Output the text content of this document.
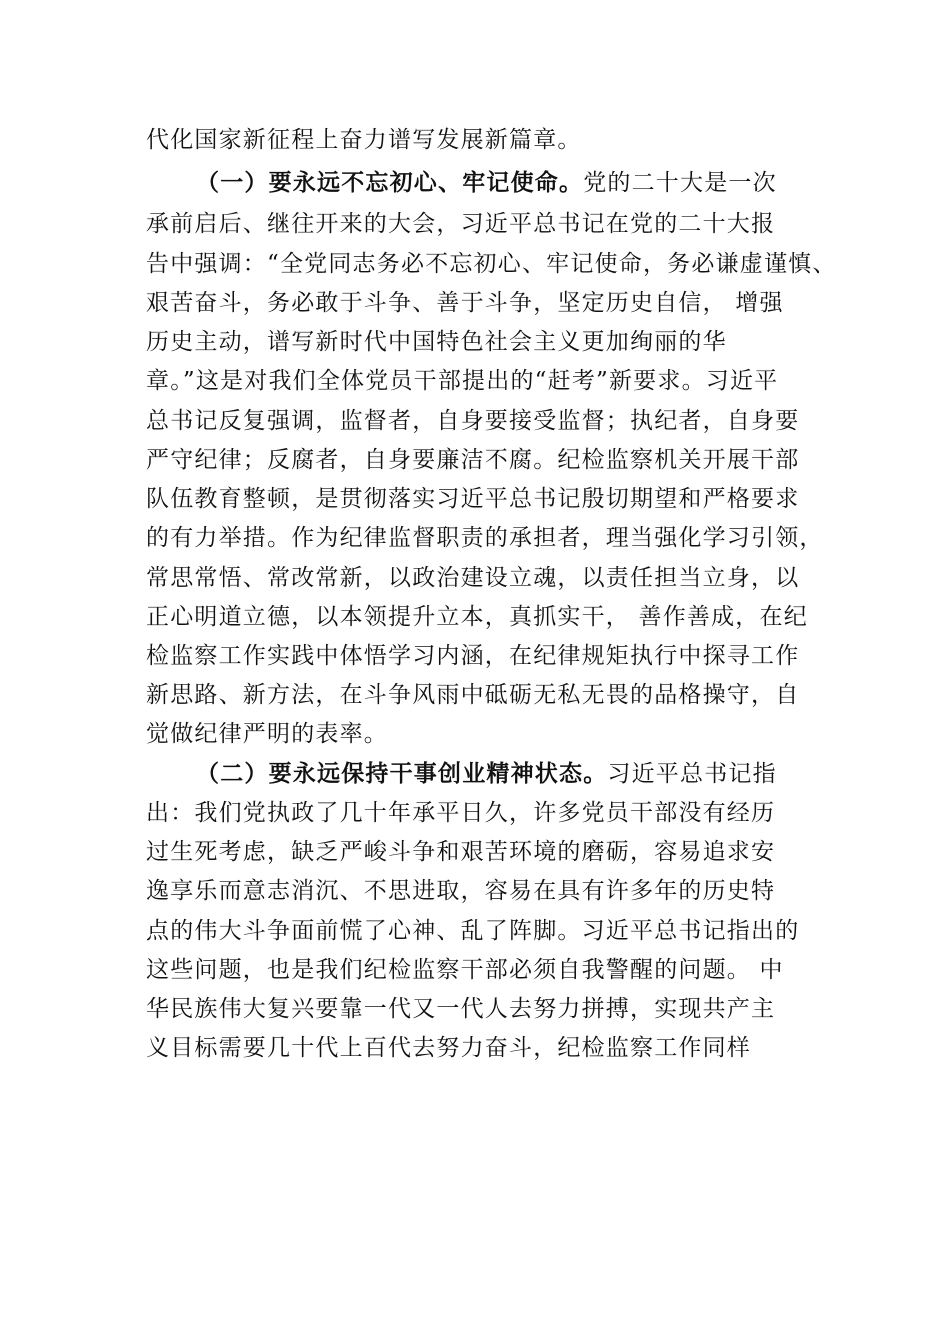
代化国家新征程上奋力谱写发展新篇章。
（一）要永远不忘初心、牢记使命。党的二十大是一次
承前启后、继往开来的大会，习近平总书记在党的二十大报
告中强调：“全党同志务必不忘初心、牢记使命，务必谦虚谨慎、
艰苦奋斗，务必敢于斗争、善于斗争，坚定历史自信， 增强
历史主动，谱写新时代中国特色社会主义更加绚丽的华
章。”这是对我们全体党员干部提出的“赶考”新要求。习近平
总书记反复强调，监督者，自身要接受监督；执纪者，自身要
严守纪律；反腐者，自身要廉洁不腐。纪检监察机关开展干部
队伍教育整顿，是贯彻落实习近平总书记殷切期望和严格要求
的有力举措。作为纪律监督职责的承担者，理当强化学习引领，
常思常悟、常改常新，以政治建设立魂，以责任担当立身，以
正心明道立德，以本领提升立本，真抓实干， 善作善成，在纪
检监察工作实践中体悟学习内涵，在纪律规矩执行中探寻工作
新思路、新方法，在斗争风雨中砥砺无私无畏的品格操守，自
觉做纪律严明的表率。
（二）要永远保持干事创业精神状态。习近平总书记指
出：我们党执政了几十年承平日久，许多党员干部没有经历
过生死考虑，缺乏严峻斗争和艰苦环境的磨砺，容易追求安
逸享乐而意志消沉、不思进取，容易在具有许多年的历史特
点的伟大斗争面前慌了心神、乱了阵脚。习近平总书记指出的
这些问题，也是我们纪检监察干部必须自我警醒的问题。 中
华民族伟大复兴要靠一代又一代人去努力拼搏，实现共产主
义目标需要几十代上百代去努力奋斗，纪检监察工作同样
